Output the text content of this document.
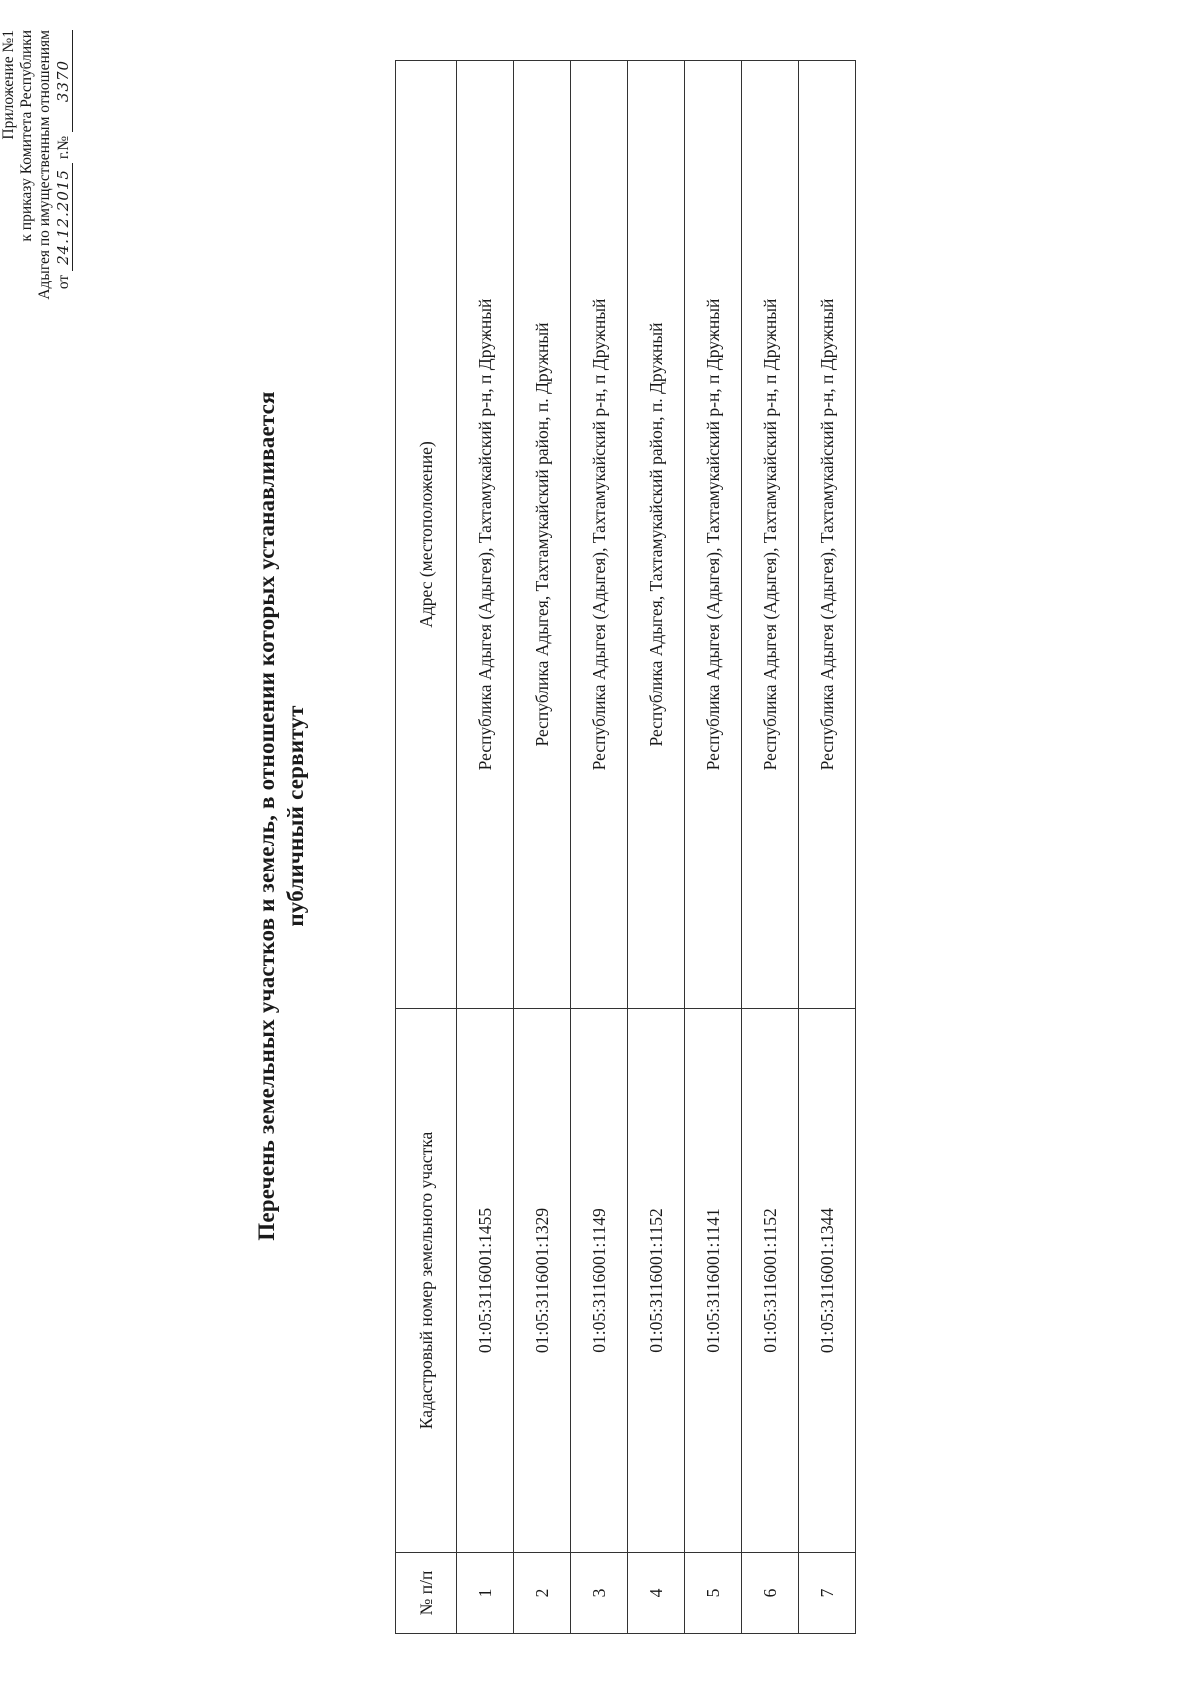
Приложение №1 к приказу Комитета Республики Адыгея по имущественным отношениям от 24.12.2015 г.№ 3370
Перечень земельных участков и земель, в отношении которых устанавливается публичный сервитут
№ п/п	Кадастровый номер земельного участка	Адрес (местоположение)
1	01:05:3116001:1455	Республика Адыгея (Адыгея), Тахтамукайский р-н, п Дружный
2	01:05:3116001:1329	Республика Адыгея, Тахтамукайский район, п. Дружный
3	01:05:3116001:1149	Республика Адыгея (Адыгея), Тахтамукайский р-н, п Дружный
4	01:05:3116001:1152	Республика Адыгея, Тахтамукайский район, п. Дружный
5	01:05:3116001:1141	Республика Адыгея (Адыгея), Тахтамукайский р-н, п Дружный
6	01:05:3116001:1152	Республика Адыгея (Адыгея), Тахтамукайский р-н, п Дружный
7	01:05:3116001:1344	Республика Адыгея (Адыгея), Тахтамукайский р-н, п Дружный
